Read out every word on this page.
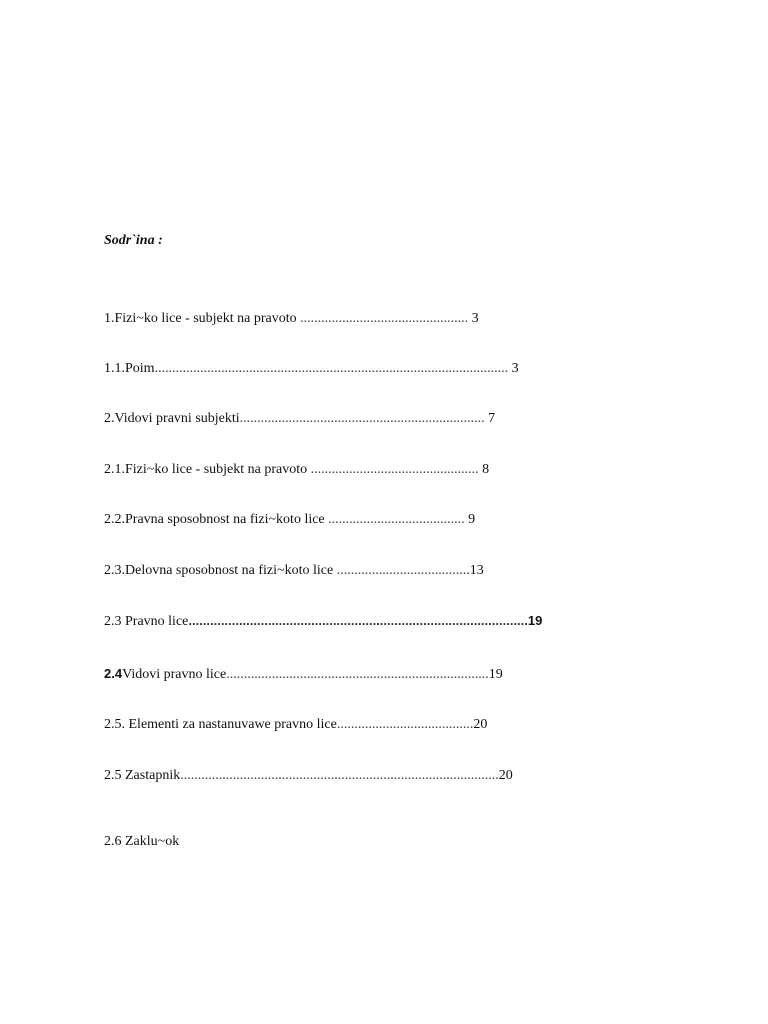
Sodr`ina :
1.Fizi~ko lice - subjekt na pravoto ................................................ 3
1.1.Poim..................................................................................................... 3
2.Vidovi pravni subjekti...................................................................... 7
2.1.Fizi~ko lice - subjekt na pravoto ................................................ 8
2.2.Pravna sposobnost na fizi~koto lice ....................................... 9
2.3.Delovna sposobnost na fizi~koto lice ......................................13
2.3 Pravno lice..............................................................................................19
2.4Vidovi pravno lice...........................................................................19
2.5. Elementi za nastanuvawe pravno lice.......................................20
2.5 Zastapnik...........................................................................................20
2.6 Zaklu~ok
